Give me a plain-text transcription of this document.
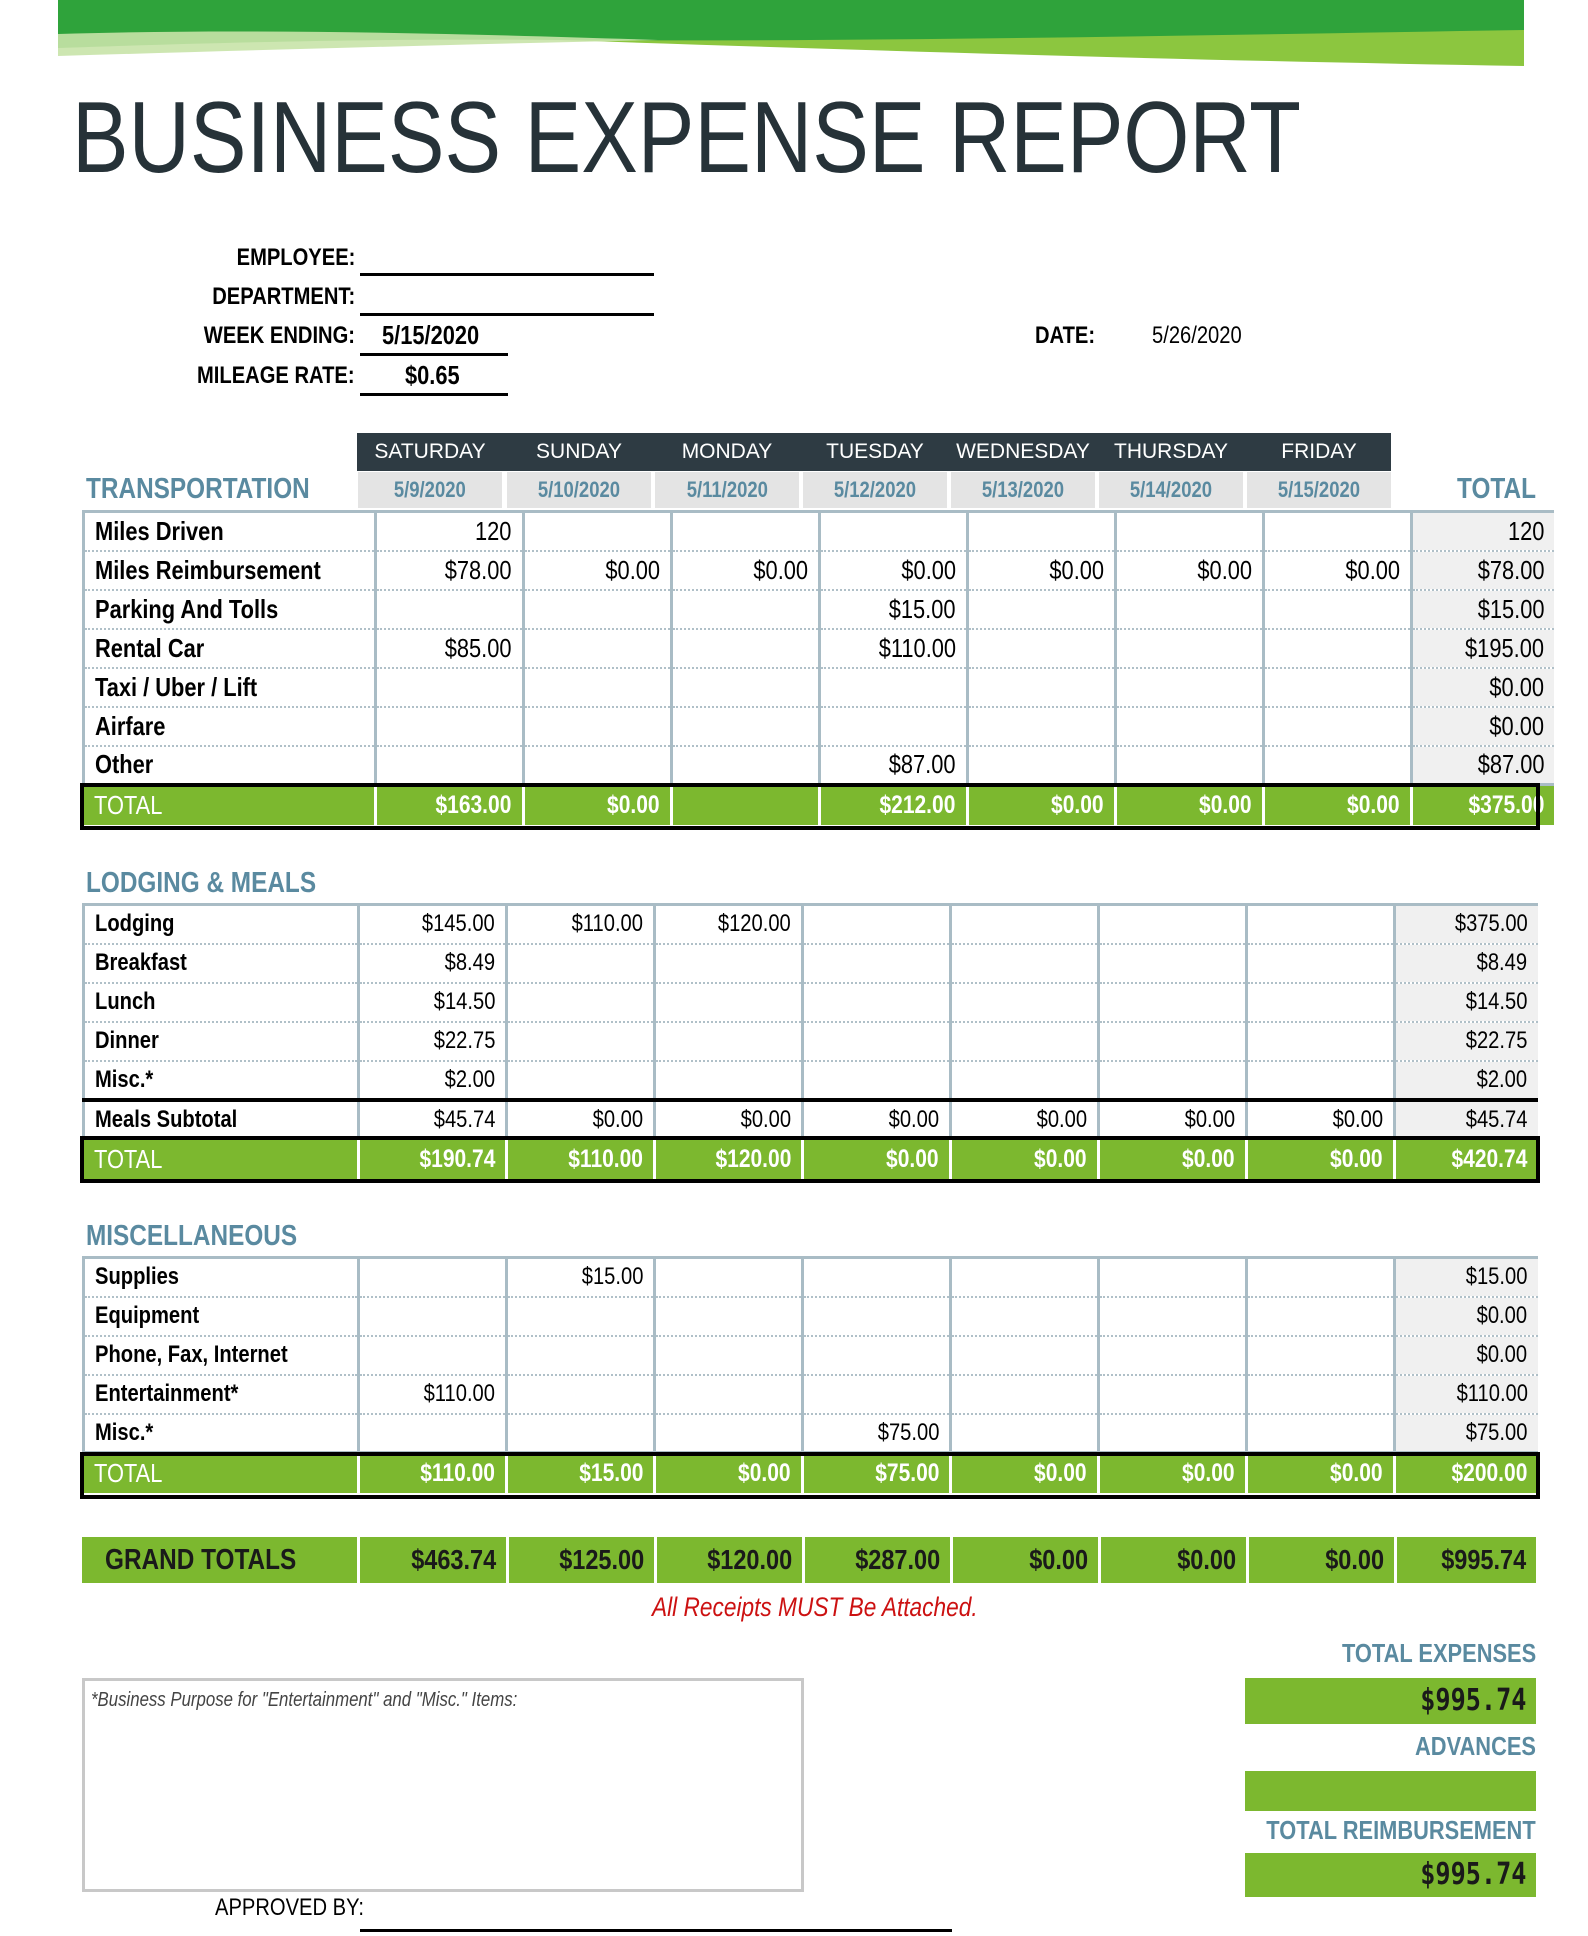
BUSINESS EXPENSE REPORT
EMPLOYEE:
DEPARTMENT:
WEEK ENDING: 5/15/2020
MILEAGE RATE: $0.65
DATE:	5/26/2020
SATURDAY	SUNDAY	MONDAY	TUESDAY	WEDNESDAY	THURSDAY	FRIDAY
5/9/2020	5/10/2020	5/11/2020	5/12/2020	5/13/2020	5/14/2020	5/15/2020
TRANSPORTATION	TOTAL
Miles Driven	120							120
Miles Reimbursement	$78.00	$0.00	$0.00	$0.00	$0.00	$0.00	$0.00	$78.00
Parking And Tolls				$15.00				$15.00
Rental Car	$85.00			$110.00				$195.00
Taxi / Uber / Lift								$0.00
Airfare								$0.00
Other				$87.00				$87.00
TOTAL	$163.00	$0.00		$212.00	$0.00	$0.00	$0.00	$375.00
LODGING & MEALS
Lodging	$145.00	$110.00	$120.00					$375.00
Breakfast	$8.49							$8.49
Lunch	$14.50							$14.50
Dinner	$22.75							$22.75
Misc.*	$2.00							$2.00
Meals Subtotal	$45.74	$0.00	$0.00	$0.00	$0.00	$0.00	$0.00	$45.74
TOTAL	$190.74	$110.00	$120.00	$0.00	$0.00	$0.00	$0.00	$420.74
MISCELLANEOUS
Supplies		$15.00						$15.00
Equipment								$0.00
Phone, Fax, Internet								$0.00
Entertainment*	$110.00							$110.00
Misc.*				$75.00				$75.00
TOTAL	$110.00	$15.00	$0.00	$75.00	$0.00	$0.00	$0.00	$200.00
GRAND TOTALS	$463.74	$125.00	$120.00	$287.00	$0.00	$0.00	$0.00	$995.74
All Receipts MUST Be Attached.
*Business Purpose for "Entertainment" and "Misc." Items:
TOTAL EXPENSES
$995.74
ADVANCES
TOTAL REIMBURSEMENT
$995.74
APPROVED BY:
